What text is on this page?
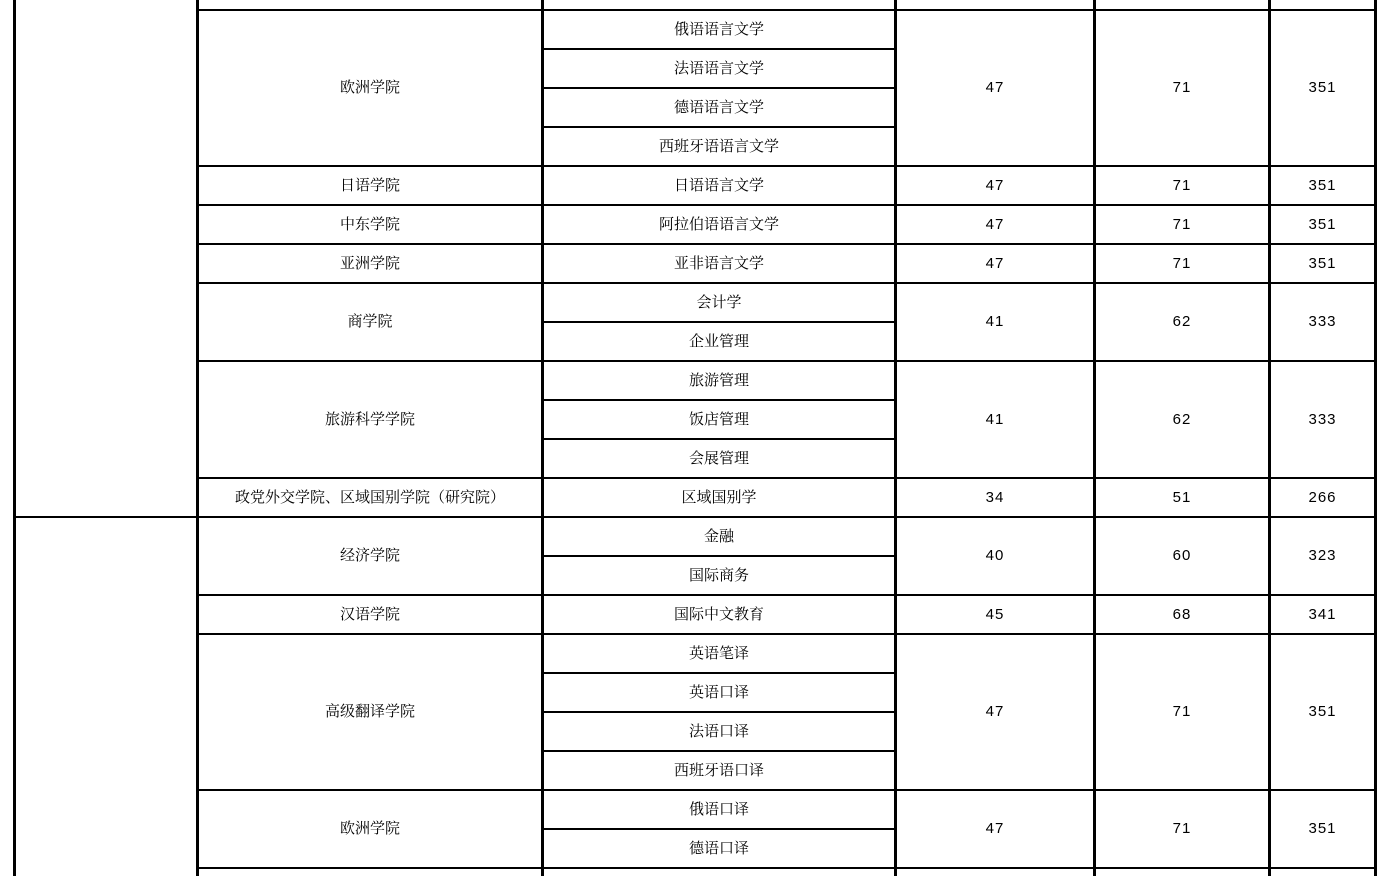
	欧洲学院	俄语语言文学	47	71	351
		法语语言文学			
		德语语言文学			
		西班牙语语言文学			
	日语学院	日语语言文学	47	71	351
	中东学院	阿拉伯语语言文学	47	71	351
	亚洲学院	亚非语言文学	47	71	351
	商学院	会计学	41	62	333
		企业管理			
	旅游科学学院	旅游管理	41	62	333
		饭店管理			
		会展管理			
	政党外交学院、区域国别学院（研究院）	区域国别学	34	51	266
	经济学院	金融	40	60	323
		国际商务			
	汉语学院	国际中文教育	45	68	341
	高级翻译学院	英语笔译	47	71	351
		英语口译			
		法语口译			
		西班牙语口译			
	欧洲学院	俄语口译	47	71	351
		德语口译			
